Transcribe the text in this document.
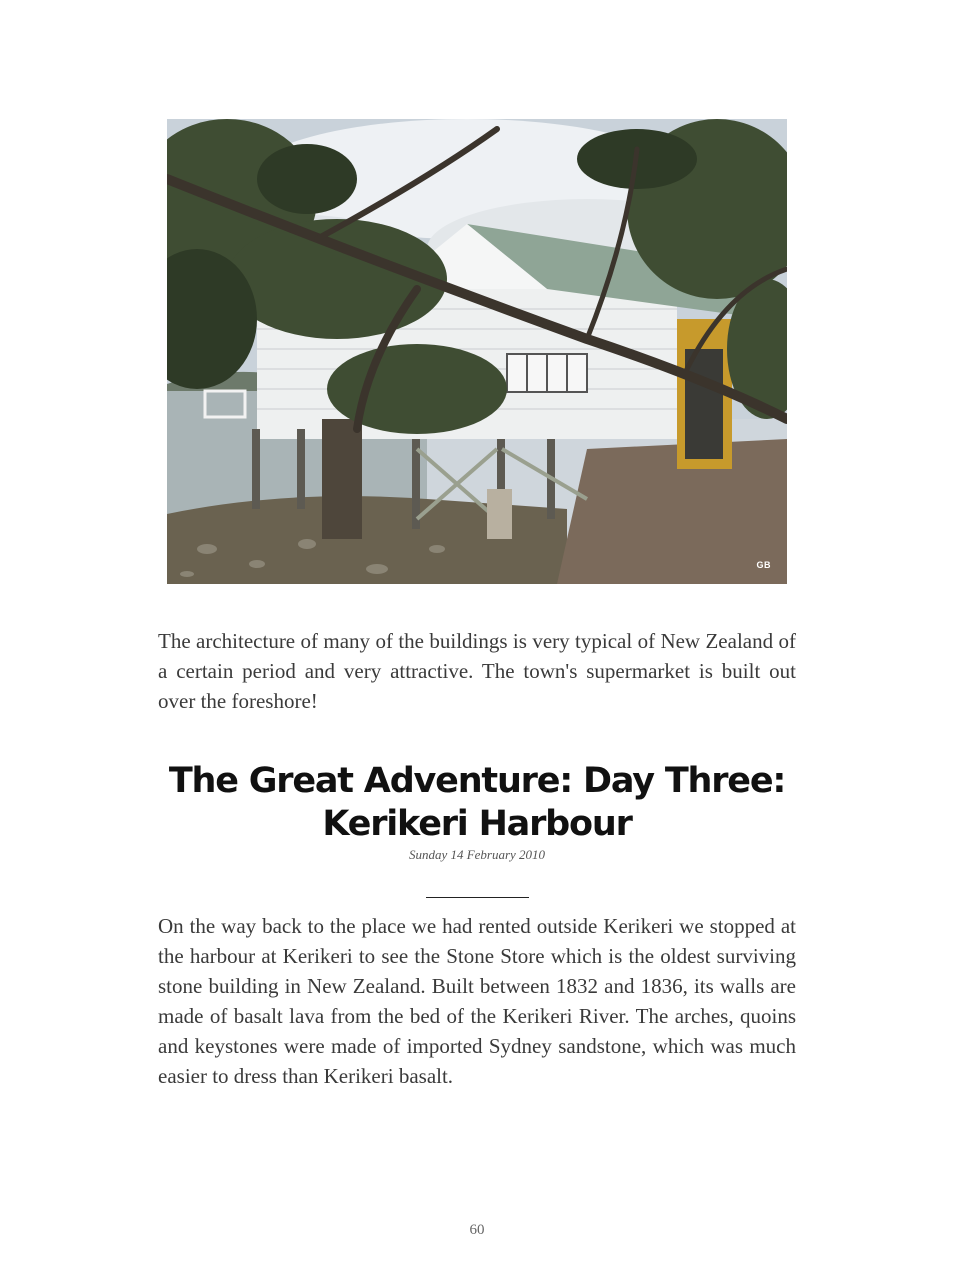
GB

The architecture of many of the buildings is very typical of New Zealand of a certain period and very attractive. The town's supermarket is built out over the foreshore!

The Great Adventure: Day Three: Kerikeri Harbour
Sunday 14 February 2010

On the way back to the place we had rented outside Kerikeri we stopped at the harbour at Kerikeri to see the Stone Store which is the oldest surviving stone building in New Zealand. Built between 1832 and 1836, its walls are made of basalt lava from the bed of the Kerikeri River. The arches, quoins and keystones were made of imported Sydney sandstone, which was much easier to dress than Kerikeri basalt.

60
